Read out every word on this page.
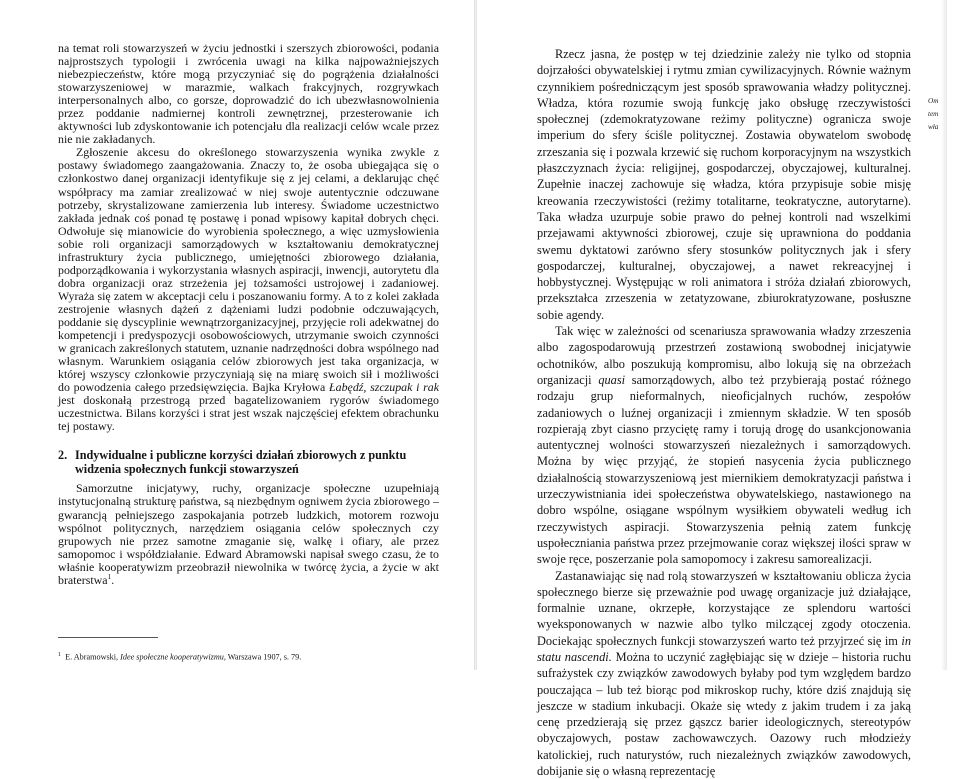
na temat roli stowarzyszeń w życiu jednostki i szerszych zbiorowości, podania najprostszych typologii i zwrócenia uwagi na kilka najpoważniejszych niebezpieczeństw, które mogą przyczyniać się do pogrążenia działalności stowarzyszeniowej w marazmie, walkach frakcyjnych, rozgrywkach interpersonalnych albo, co gorsze, doprowadzić do ich ubezwłasnowolnienia przez poddanie nadmiernej kontroli zewnętrznej, przesterowanie ich aktywności lub zdyskontowanie ich potencjału dla realizacji celów wcale przez nie nie zakładanych.

Zgłoszenie akcesu do określonego stowarzyszenia wynika zwykle z postawy świadomego zaangażowania. Znaczy to, że osoba ubiegająca się o członkostwo danej organizacji identyfikuje się z jej celami, a deklarując chęć współpracy ma zamiar zrealizować w niej swoje autentycznie odczuwane potrzeby, skrystalizowane zamierzenia lub interesy. Świadome uczestnictwo zakłada jednak coś ponad tę postawę i ponad wpisowy kapitał dobrych chęci. Odwołuje się mianowicie do wyrobienia społecznego, a więc uzmysłowienia sobie roli organizacji samorządowych w kształtowaniu demokratycznej infrastruktury życia publicznego, umiejętności zbiorowego działania, podporządkowania i wykorzystania własnych aspiracji, inwencji, autorytetu dla dobra organizacji oraz strzeżenia jej tożsamości ustrojowej i zadaniowej. Wyraża się zatem w akceptacji celu i poszanowaniu formy. A to z kolei zakłada zestrojenie własnych dążeń z dążeniami ludzi podobnie odczuwających, poddanie się dyscyplinie wewnątrzorganizacyjnej, przyjęcie roli adekwatnej do kompetencji i predyspozycji osobowościowych, utrzymanie swoich czynności w granicach zakreślonych statutem, uznanie nadrzędności dobra wspólnego nad własnym. Warunkiem osiągania celów zbiorowych jest taka organizacja, w której wszyscy członkowie przyczyniają się na miarę swoich sił i możliwości do powodzenia całego przedsięwzięcia. Bajka Kryłowa Łabędź, szczupak i rak jest doskonałą przestrogą przed bagatelizowaniem rygorów świadomego uczestnictwa. Bilans korzyści i strat jest wszak najczęściej efektem obrachunku tej postawy.

2. Indywidualne i publiczne korzyści działań zbiorowych z punktu widzenia społecznych funkcji stowarzyszeń

Samorzutne inicjatywy, ruchy, organizacje społeczne uzupełniają instytucjonalną strukturę państwa, są niezbędnym ogniwem życia zbiorowego – gwarancją pełniejszego zaspokajania potrzeb ludzkich, motorem rozwoju wspólnot politycznych, narzędziem osiągania celów społecznych czy grupowych nie przez samotne zmaganie się, walkę i ofiary, ale przez samopomoc i współdziałanie. Edward Abramowski napisał swego czasu, że to właśnie kooperatywizm przeobraził niewolnika w twórcę życia, a życie w akt braterstwa$^1$.

$^1$ E. Abramowski, Idee społeczne kooperatywizmu, Warszawa 1907, s. 79.

Rzecz jasna, że postęp w tej dziedzinie zależy nie tylko od stopnia dojrzałości obywatelskiej i rytmu zmian cywilizacyjnych. Równie ważnym czynnikiem pośredniczącym jest sposób sprawowania władzy politycznej. Władza, która rozumie swoją funkcję jako obsługę rzeczywistości społecznej (zdemokratyzowane reżimy polityczne) ogranicza swoje imperium do sfery ściśle politycznej. Zostawia obywatelom swobodę zrzeszania się i pozwala krzewić się ruchom korporacyjnym na wszystkich płaszczyznach życia: religijnej, gospodarczej, obyczajowej, kulturalnej. Zupełnie inaczej zachowuje się władza, która przypisuje sobie misję kreowania rzeczywistości (reżimy totalitarne, teokratyczne, autorytarne). Taka władza uzurpuje sobie prawo do pełnej kontroli nad wszelkimi przejawami aktywności zbiorowej, czuje się uprawniona do poddania swemu dyktatowi zarówno sfery stosunków politycznych jak i sfery gospodarczej, kulturalnej, obyczajowej, a nawet rekreacyjnej i hobbystycznej. Występując w roli animatora i stróża działań zbiorowych, przekształca zrzeszenia w zetatyzowane, zbiurokratyzowane, posłuszne sobie agendy.

Tak więc w zależności od scenariusza sprawowania władzy zrzeszenia albo zagospodarowują przestrzeń zostawioną swobodnej inicjatywie ochotników, albo poszukują kompromisu, albo lokują się na obrzeżach organizacji quasi samorządowych, albo też przybierają postać różnego rodzaju grup nieformalnych, nieoficjalnych ruchów, zespołów zadaniowych o luźnej organizacji i zmiennym składzie. W ten sposób rozpierają zbyt ciasno przyciętę ramy i torują drogę do usankcjonowania autentycznej wolności stowarzyszeń niezależnych i samorządowych. Można by więc przyjąć, że stopień nasycenia życia publicznego działalnością stowarzyszeniową jest miernikiem demokratyzacji państwa i urzeczywistniania idei społeczeństwa obywatelskiego, nastawionego na dobro wspólne, osiągane wspólnym wysiłkiem obywateli według ich rzeczywistych aspiracji. Stowarzyszenia pełnią zatem funkcję uspołeczniania państwa przez przejmowanie coraz większej ilości spraw w swoje ręce, poszerzanie pola samopomocy i zakresu samorealizacji.

Zastanawiając się nad rolą stowarzyszeń w kształtowaniu oblicza życia społecznego bierze się przeważnie pod uwagę organizacje już działające, formalnie uznane, okrzepłe, korzystające ze splendoru wartości wyeksponowanych w nazwie albo tylko milczącej zgody otoczenia. Dociekając społecznych funkcji stowarzyszeń warto też przyjrzeć się im in statu nascendi. Można to uczynić zagłębiając się w dzieje – historia ruchu sufrażystek czy związków zawodowych byłaby pod tym względem bardzo pouczająca – lub też biorąc pod mikroskop ruchy, które dziś znajdują się jeszcze w stadium inkubacji. Okaże się wtedy z jakim trudem i za jaką cenę przedzierają się przez gąszcz barier ideologicznych, stereotypów obyczajowych, postaw zachowawczych. Oazowy ruch młodzieży katolickiej, ruch naturystów, ruch niezależnych związków zawodowych, dobijanie się o własną reprezentację

Om
tem
wła
